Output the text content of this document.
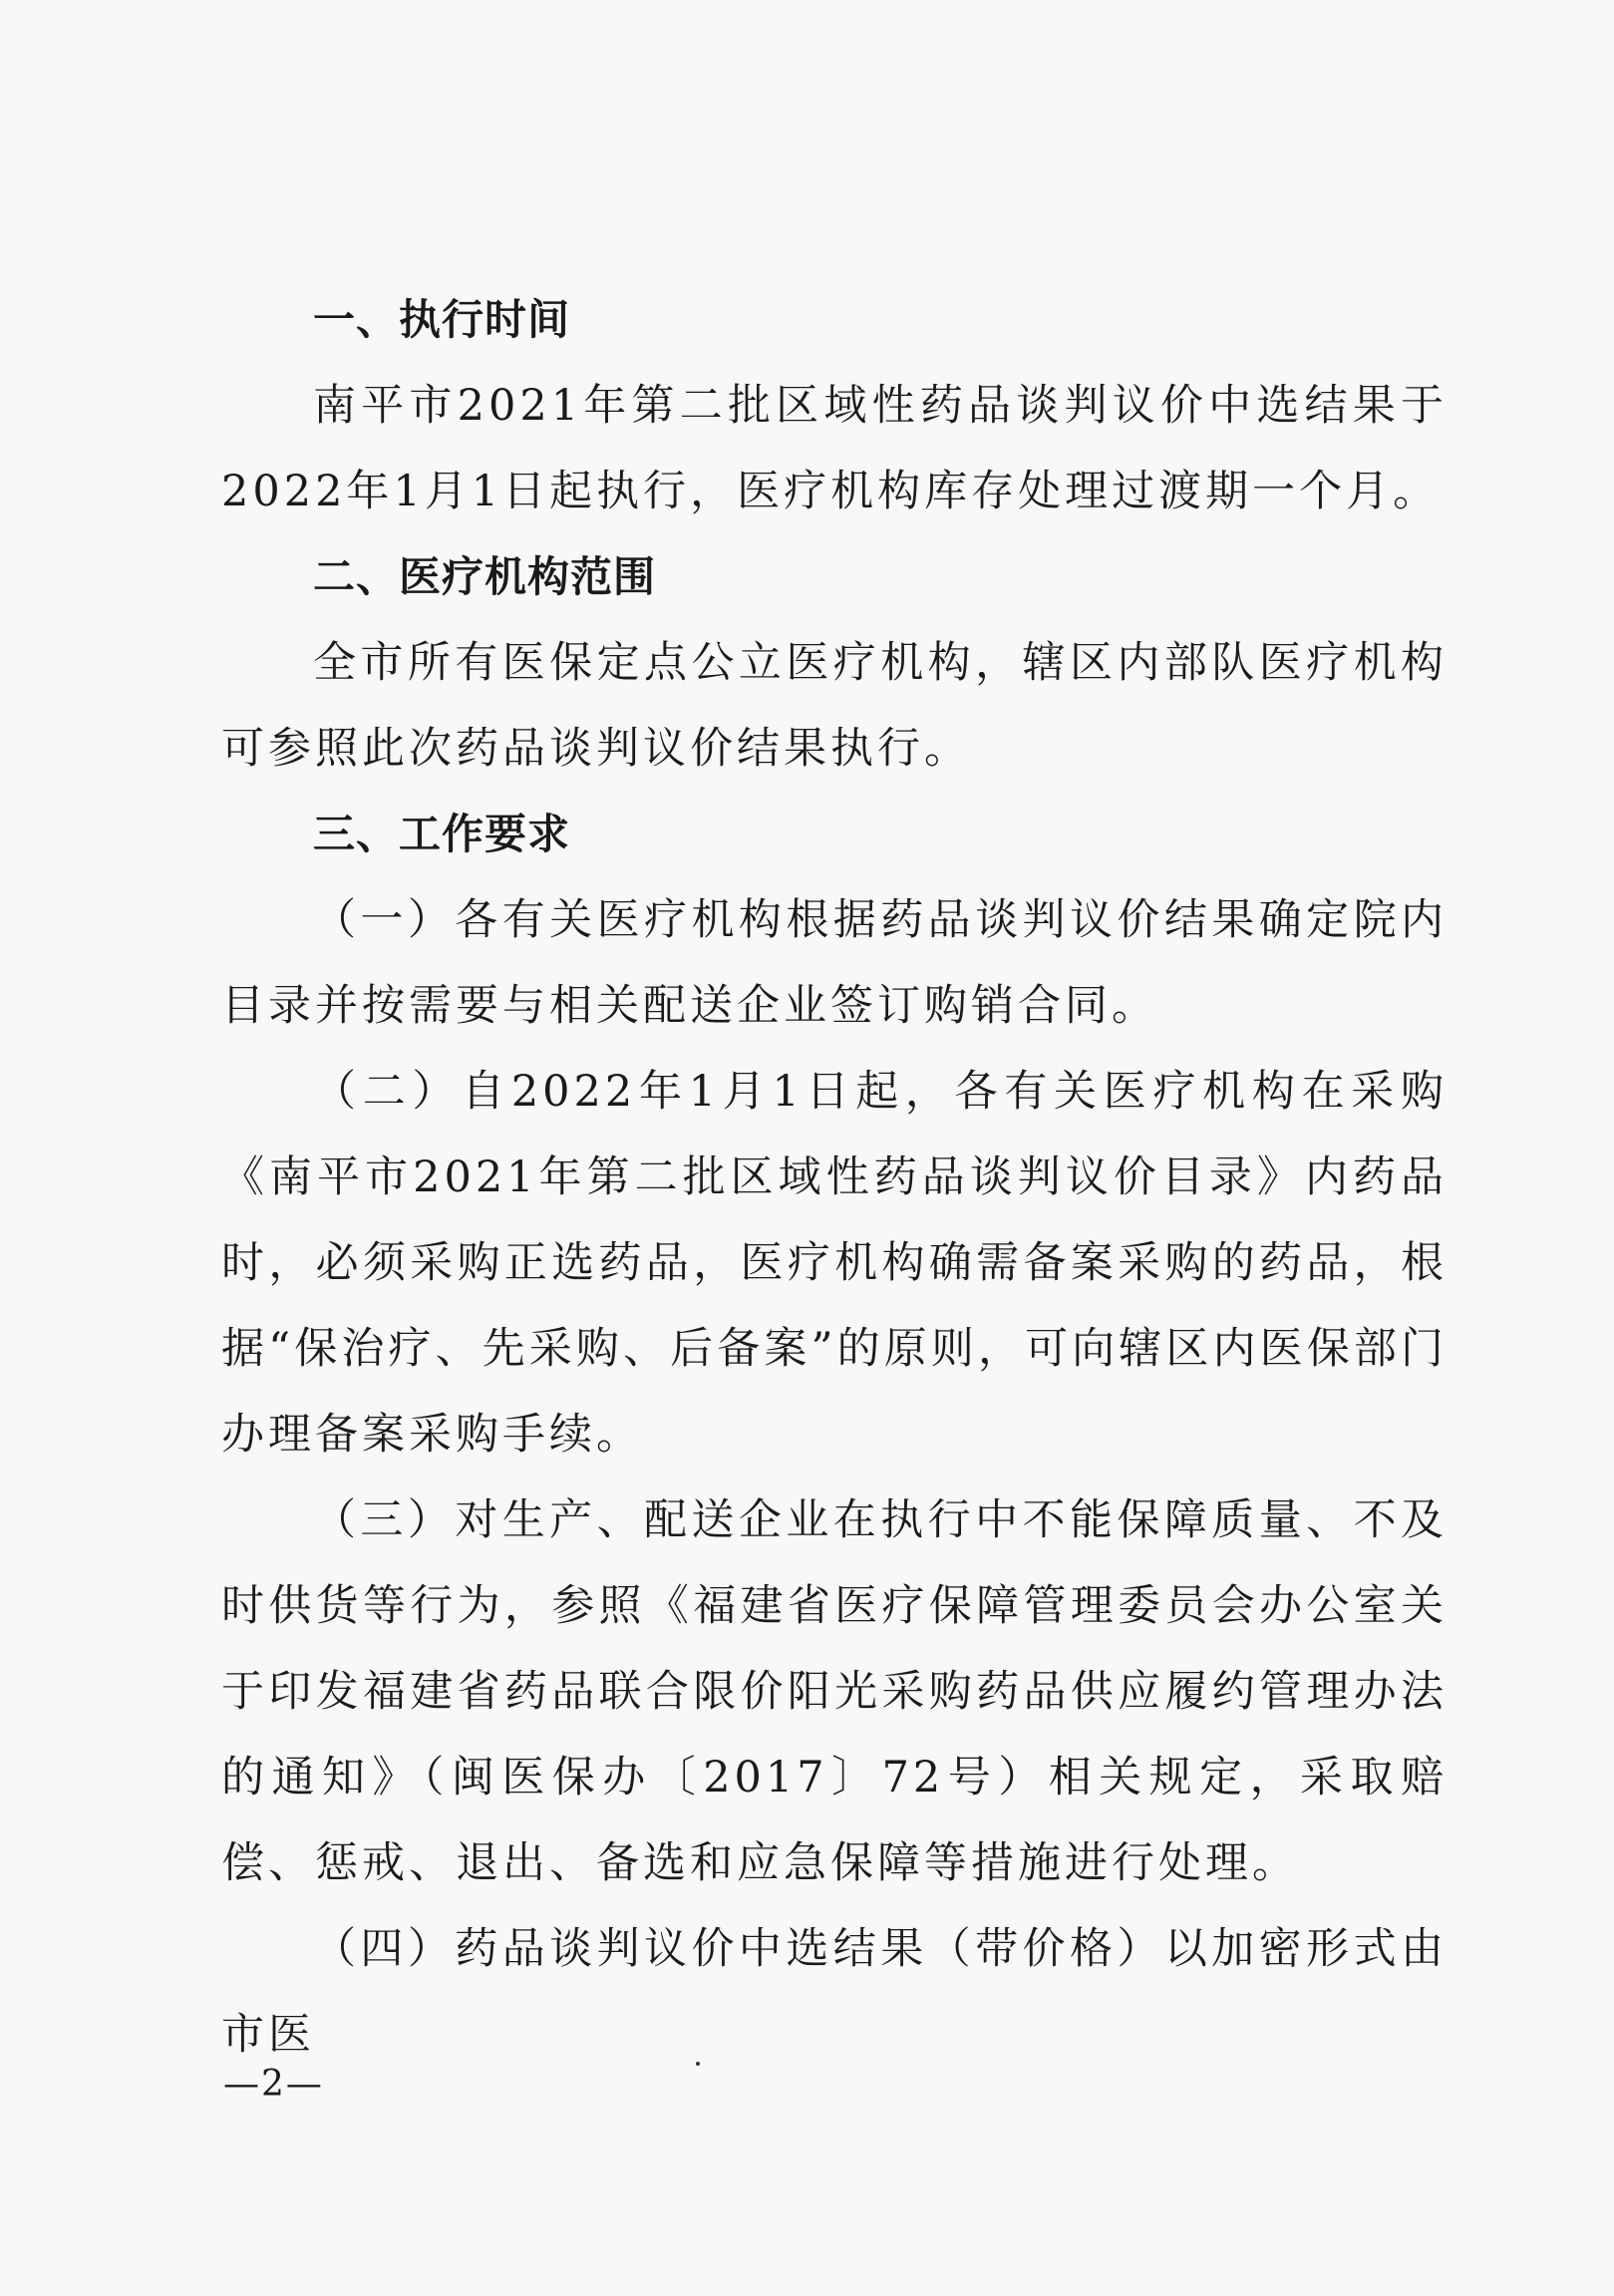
一、执行时间

南平市2021年第二批区域性药品谈判议价中选结果于2022年1月1日起执行，医疗机构库存处理过渡期一个月。

二、医疗机构范围

全市所有医保定点公立医疗机构，辖区内部队医疗机构可参照此次药品谈判议价结果执行。

三、工作要求

（一）各有关医疗机构根据药品谈判议价结果确定院内目录并按需要与相关配送企业签订购销合同。

（二）自2022年1月1日起，各有关医疗机构在采购《南平市2021年第二批区域性药品谈判议价目录》内药品时，必须采购正选药品，医疗机构确需备案采购的药品，根据“保治疗、先采购、后备案”的原则，可向辖区内医保部门办理备案采购手续。

（三）对生产、配送企业在执行中不能保障质量、不及时供货等行为，参照《福建省医疗保障管理委员会办公室关于印发福建省药品联合限价阳光采购药品供应履约管理办法的通知》（闽医保办〔2017〕72号）相关规定，采取赔偿、惩戒、退出、备选和应急保障等措施进行处理。

（四）药品谈判议价中选结果（带价格）以加密形式由市医

—2—
